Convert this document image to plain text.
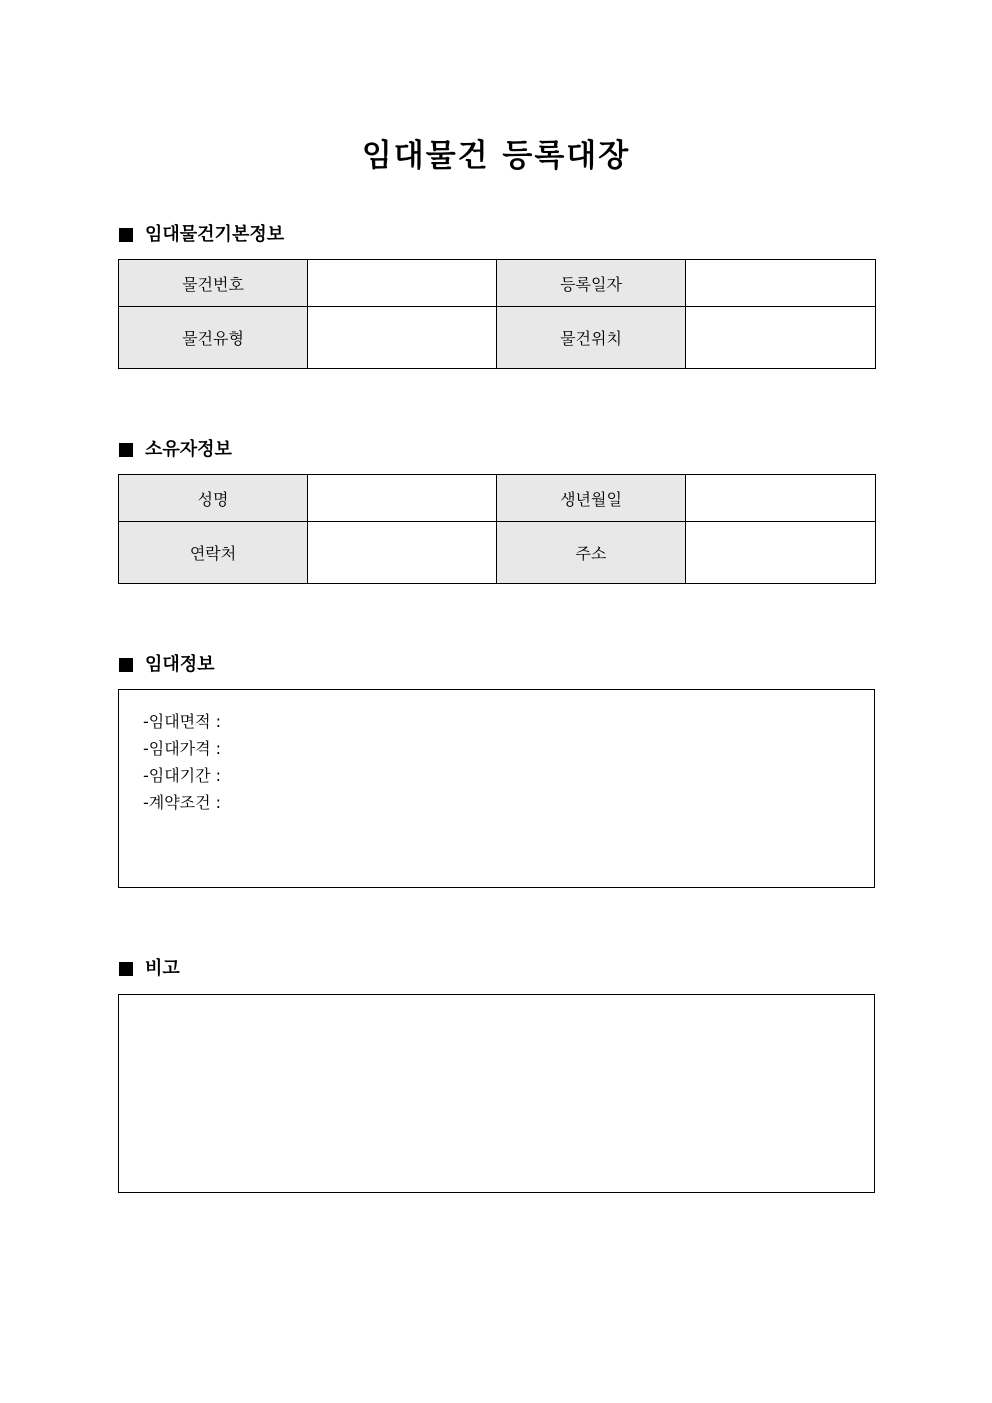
임대물건 등록대장
임대물건기본정보
물건번호		등록일자	
물건유형		물건위치	
소유자정보
성명		생년월일	
연락처		주소	
임대정보
-임대면적 :
-임대가격 :
-임대기간 :
-계약조건 :
비고
